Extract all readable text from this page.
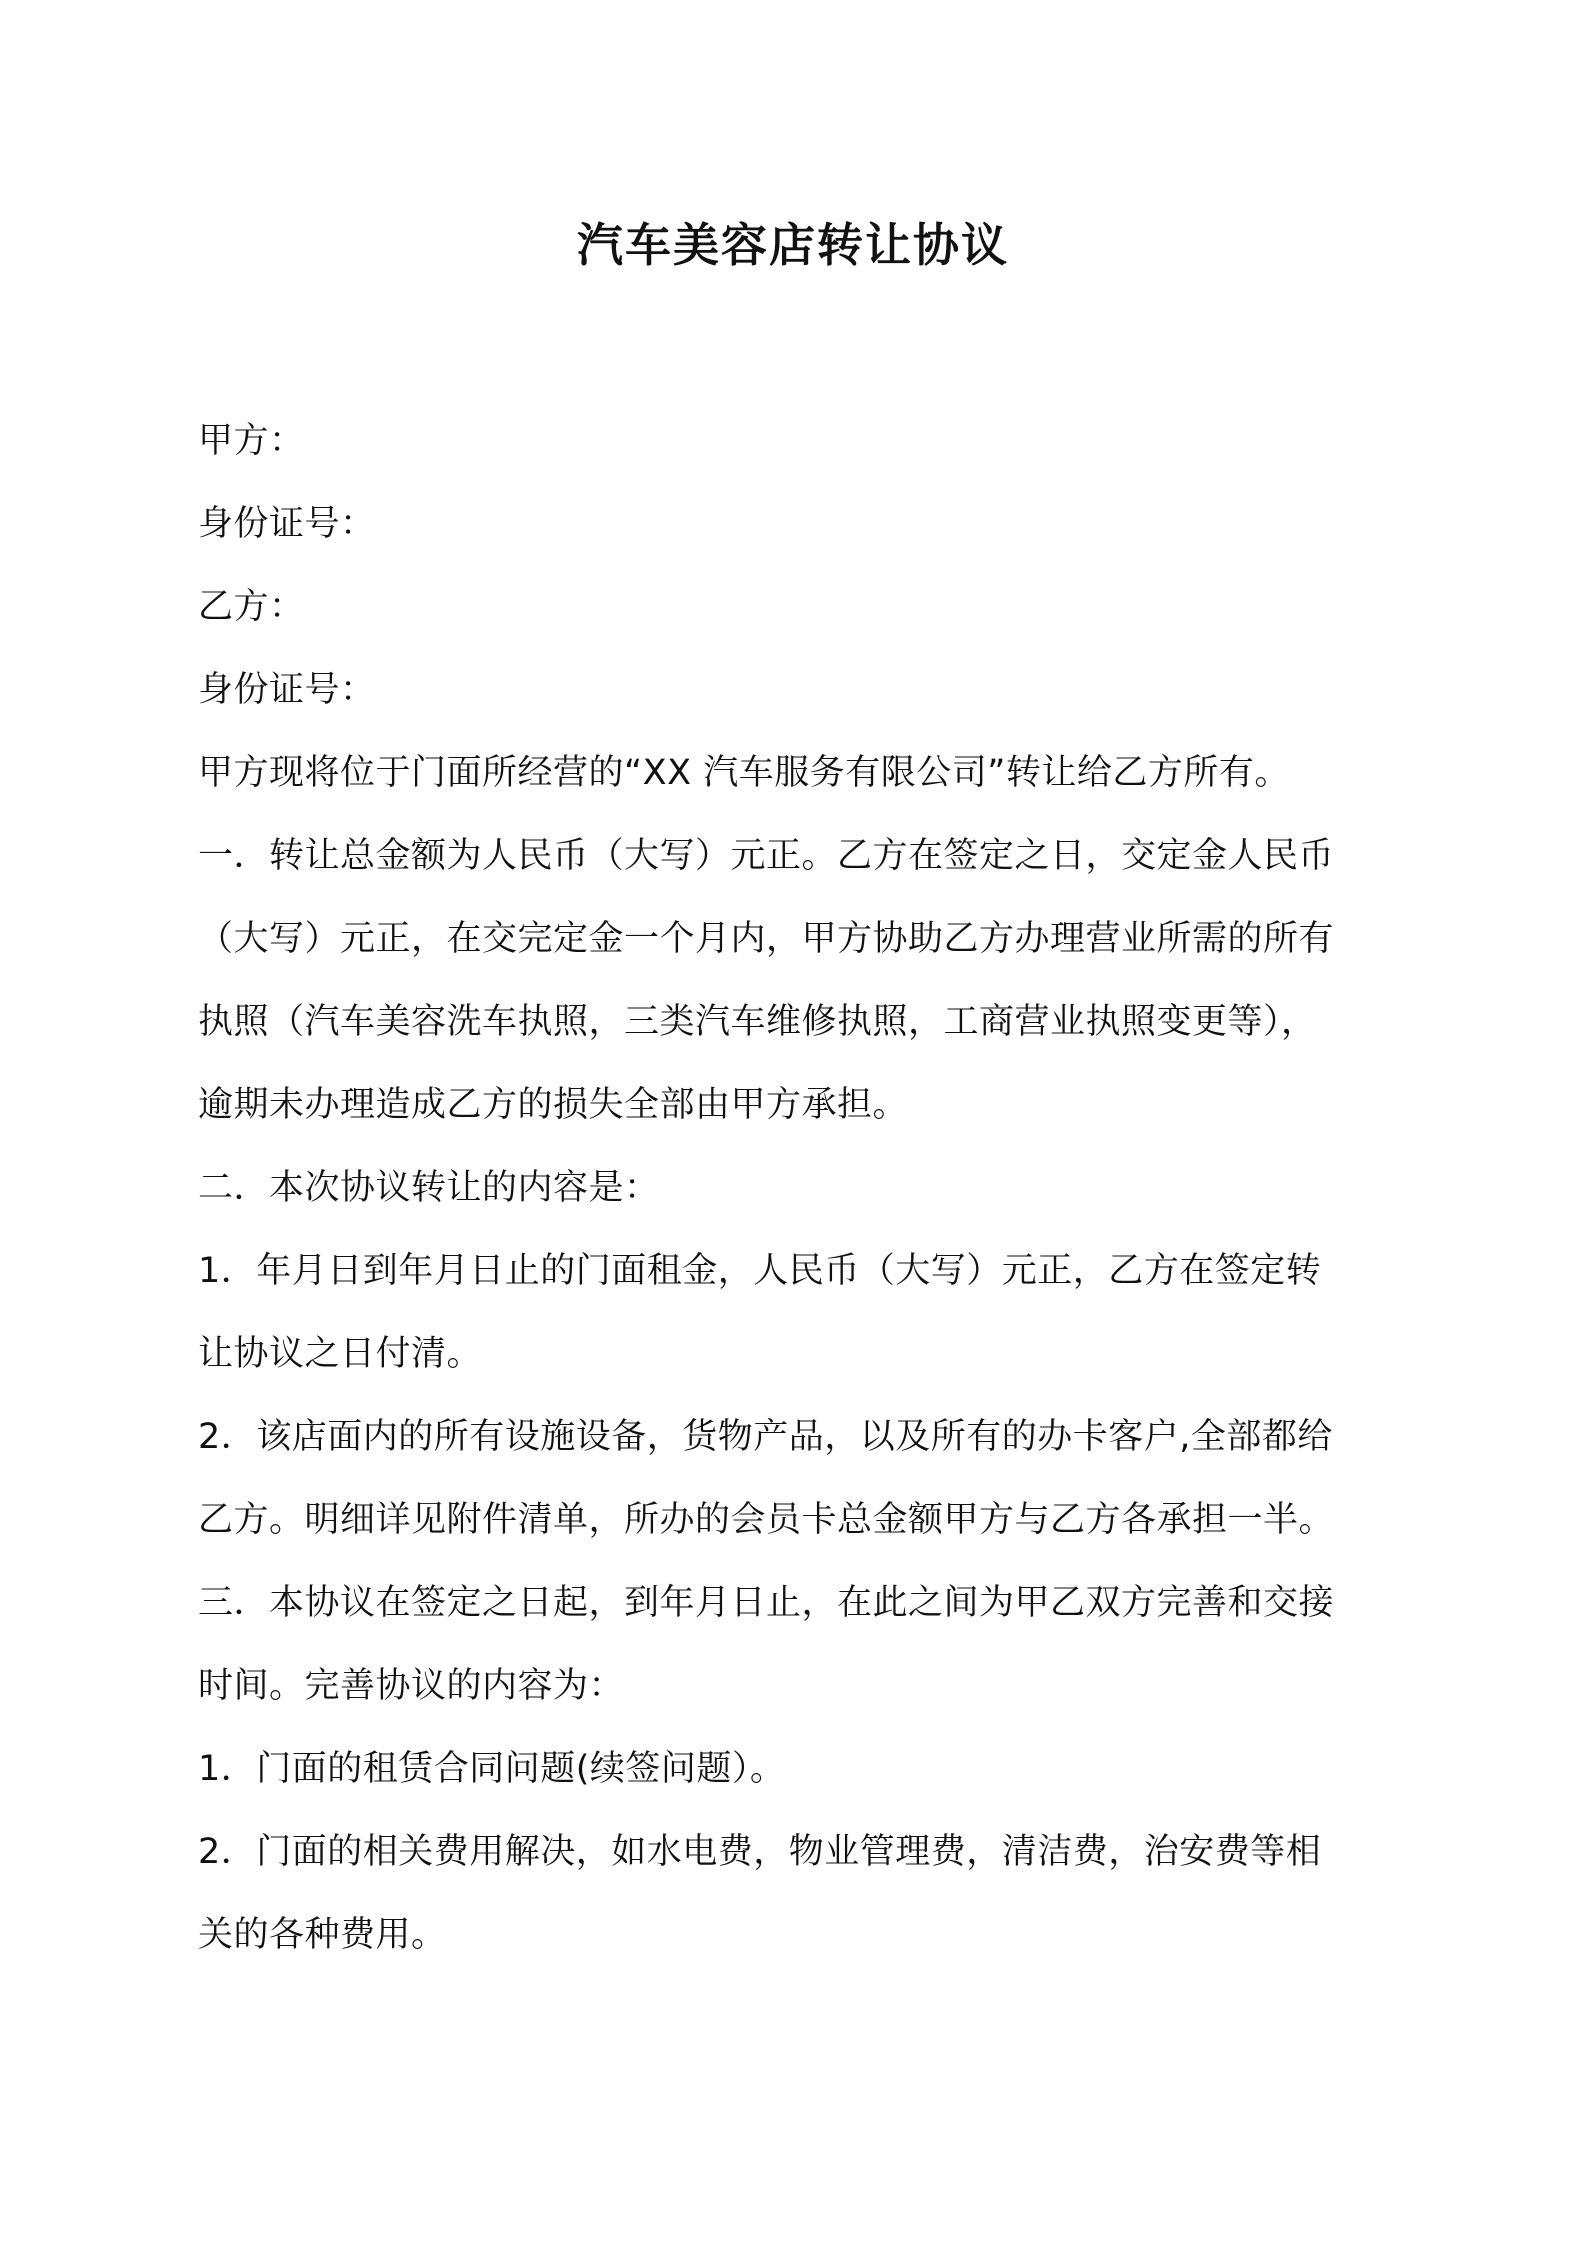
汽车美容店转让协议
甲方：
身份证号：
乙方：
身份证号：
甲方现将位于门面所经营的“XX 汽车服务有限公司”转让给乙方所有。
一．转让总金额为人民币（大写）元正。乙方在签定之日，交定金人民币
（大写）元正，在交完定金一个月内，甲方协助乙方办理营业所需的所有
执照（汽车美容洗车执照，三类汽车维修执照，工商营业执照变更等），
逾期未办理造成乙方的损失全部由甲方承担。
二．本次协议转让的内容是：
1．年月日到年月日止的门面租金，人民币（大写）元正，乙方在签定转
让协议之日付清。
2．该店面内的所有设施设备，货物产品，以及所有的办卡客户,全部都给
乙方。明细详见附件清单，所办的会员卡总金额甲方与乙方各承担一半。
三．本协议在签定之日起，到年月日止，在此之间为甲乙双方完善和交接
时间。完善协议的内容为：
1．门面的租赁合同问题(续签问题）。
2．门面的相关费用解决，如水电费，物业管理费，清洁费，治安费等相
关的各种费用。
